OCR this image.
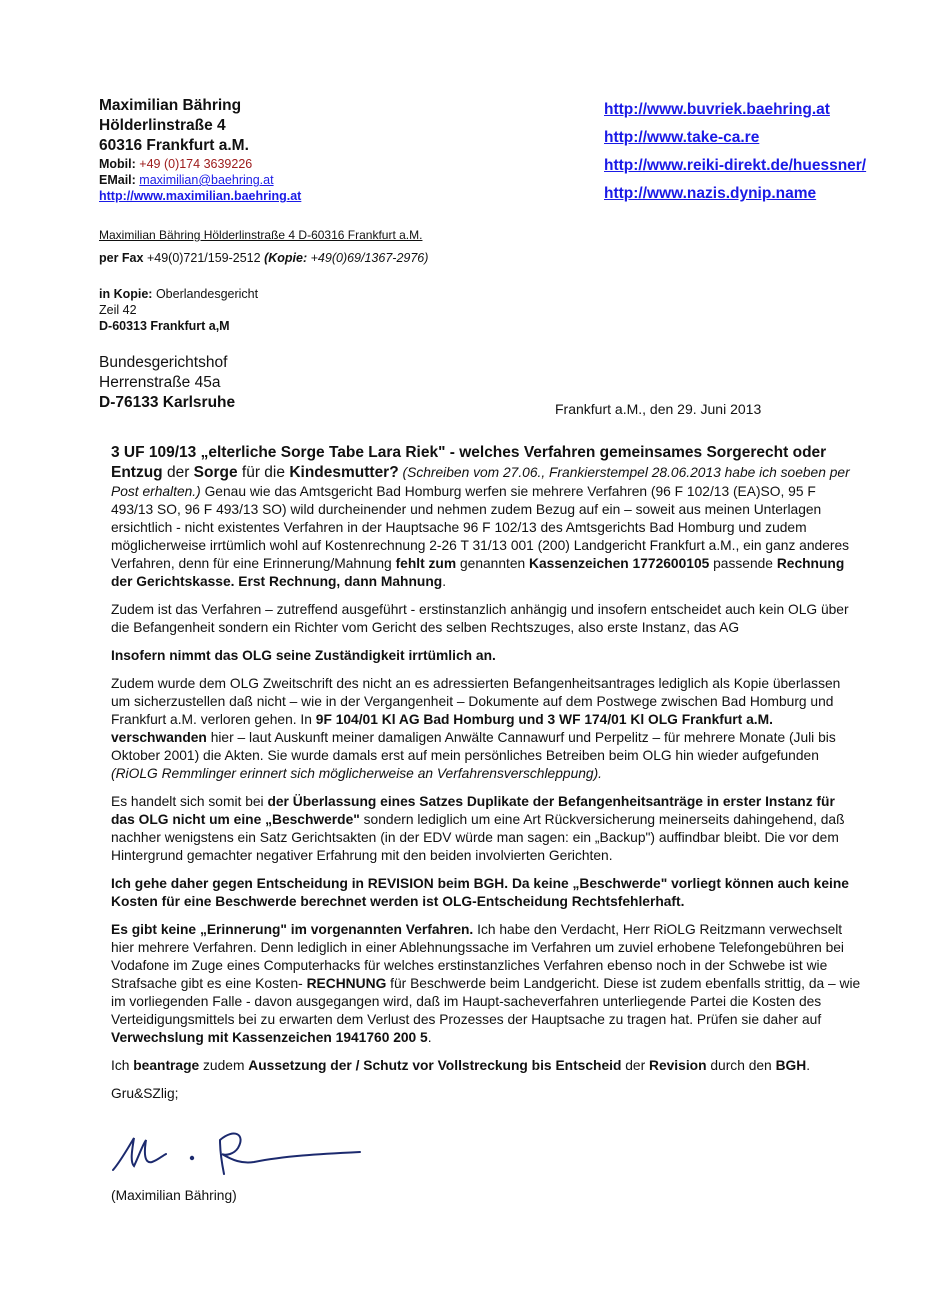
Maximilian Bähring
Hölderlinstraße 4
60316 Frankfurt a.M.
Mobil: +49 (0)174 3639226
EMail: maximilian@baehring.at
http://www.maximilian.baehring.at
http://www.buvriek.baehring.at
http://www.take-ca.re
http://www.reiki-direkt.de/huessner/
http://www.nazis.dynip.name
Maximilian Bähring Hölderlinstraße 4 D-60316 Frankfurt a.M.
per Fax +49(0)721/159-2512 (Kopie: +49(0)69/1367-2976)
in Kopie: Oberlandesgericht
Zeil 42
D-60313 Frankfurt a,M
Bundesgerichtshof
Herrenstraße 45a
D-76133 Karlsruhe	Frankfurt a.M., den 29. Juni 2013

3 UF 109/13 „elterliche Sorge Tabe Lara Riek" - welches Verfahren gemeinsames Sorgerecht oder Entzug der Sorge für die Kindesmutter? (Schreiben vom 27.06., Frankierstempel 28.06.2013 habe ich soeben per Post erhalten.) Genau wie das Amtsgericht Bad Homburg werfen sie mehrere Verfahren (96 F 102/13 (EA)SO, 95 F 493/13 SO, 96 F 493/13 SO) wild durcheinender und nehmen zudem Bezug auf ein – soweit aus meinen Unterlagen ersichtlich - nicht existentes Verfahren in der Hauptsache 96 F 102/13 des Amtsgerichts Bad Homburg und zudem möglicherweise irrtümlich wohl auf Kostenrechnung 2-26 T 31/13 001 (200) Landgericht Frankfurt a.M., ein ganz anderes Verfahren, denn für eine Erinnerung/Mahnung fehlt zum genannten Kassenzeichen 1772600105 passende Rechnung der Gerichtskasse. Erst Rechnung, dann Mahnung.

Zudem ist das Verfahren – zutreffend ausgeführt - erstinstanzlich anhängig und insofern entscheidet auch kein OLG über die Befangenheit sondern ein Richter vom Gericht des selben Rechtszuges, also erste Instanz, das AG

Insofern nimmt das OLG seine Zuständigkeit irrtümlich an.

Zudem wurde dem OLG Zweitschrift des nicht an es adressierten Befangenheitsantrages lediglich als Kopie überlassen um sicherzustellen daß nicht – wie in der Vergangenheit – Dokumente auf dem Postwege zwischen Bad Homburg und Frankfurt a.M. verloren gehen. In 9F 104/01 Kl AG Bad Homburg und 3 WF 174/01 Kl OLG Frankfurt a.M. verschwanden hier – laut Auskunft meiner damaligen Anwälte Cannawurf und Perpelitz – für mehrere Monate (Juli bis Oktober 2001) die Akten. Sie wurde damals erst auf mein persönliches Betreiben beim OLG hin wieder aufgefunden (RiOLG Remmlinger erinnert sich möglicherweise an Verfahrensverschleppung).

Es handelt sich somit bei der Überlassung eines Satzes Duplikate der Befangenheitsanträge in erster Instanz für das OLG nicht um eine „Beschwerde" sondern lediglich um eine Art Rückversicherung meinerseits dahingehend, daß nachher wenigstens ein Satz Gerichtsakten (in der EDV würde man sagen: ein „Backup") auffindbar bleibt. Die vor dem Hintergrund gemachter negativer Erfahrung mit den beiden involvierten Gerichten.

Ich gehe daher gegen Entscheidung in REVISION beim BGH. Da keine „Beschwerde" vorliegt können auch keine Kosten für eine Beschwerde berechnet werden ist OLG-Entscheidung Rechtsfehlerhaft.

Es gibt keine „Erinnerung" im vorgenannten Verfahren. Ich habe den Verdacht, Herr RiOLG Reitzmann verwechselt hier mehrere Verfahren. Denn lediglich in einer Ablehnungssache im Verfahren um zuviel erhobene Telefongebühren bei Vodafone im Zuge eines Computerhacks für welches erstinstanzliches Verfahren ebenso noch in der Schwebe ist wie Strafsache gibt es eine Kosten- RECHNUNG für Beschwerde beim Landgericht. Diese ist zudem ebenfalls strittig, da – wie im vorliegenden Falle - davon ausgegangen wird, daß im Haupt-sacheverfahren unterliegende Partei die Kosten des Verteidigungsmittels bei zu erwarten dem Verlust des Prozesses der Hauptsache zu tragen hat. Prüfen sie daher auf Verwechslung mit Kassenzeichen 1941760 200 5.

Ich beantrage zudem Aussetzung der / Schutz vor Vollstreckung bis Entscheid der Revision durch den BGH.

Gru&SZlig;

(Maximilian Bähring)
